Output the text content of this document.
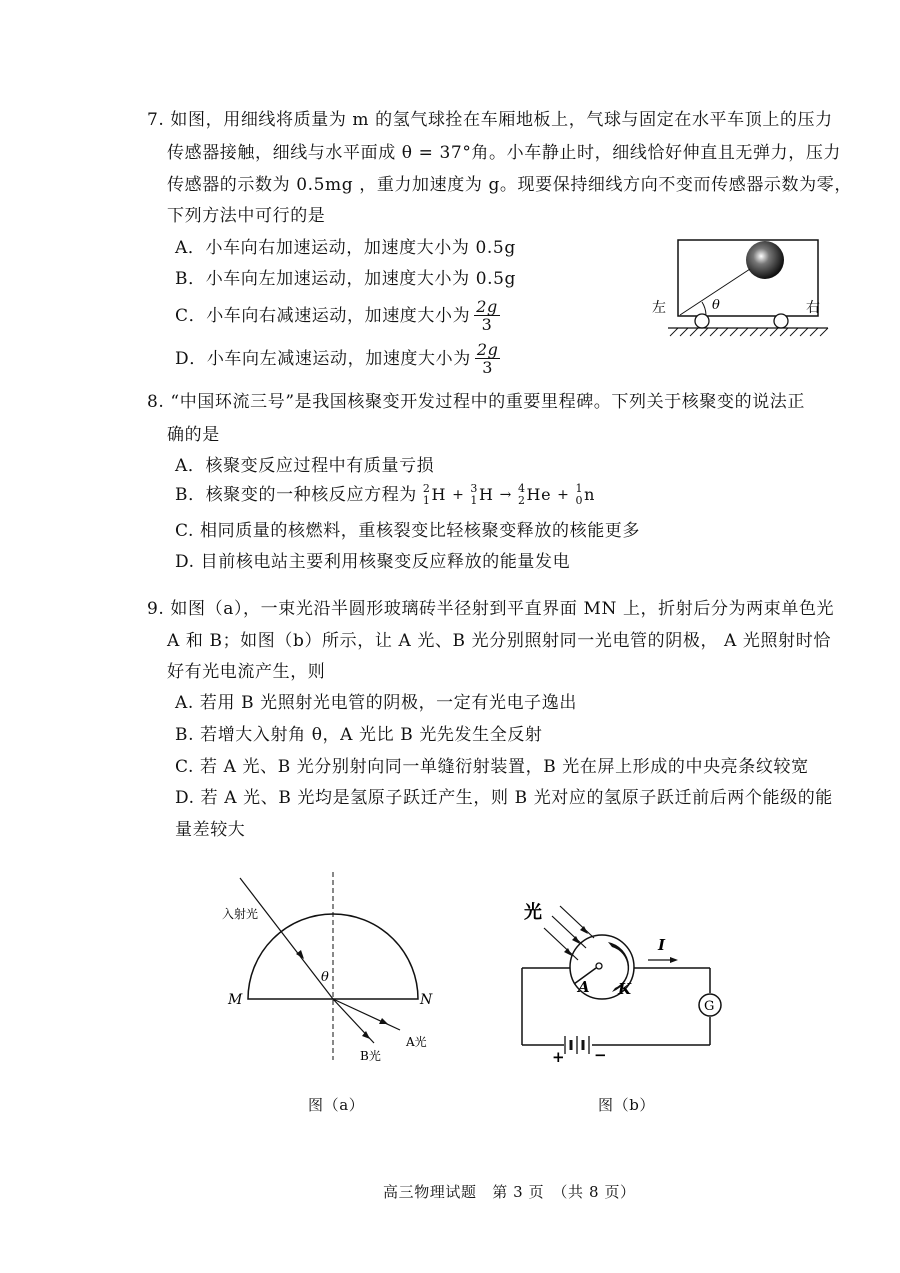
7. 如图，用细线将质量为 m 的氢气球拴在车厢地板上，气球与固定在水平车顶上的压力
传感器接触，细线与水平面成 θ = 37°角。小车静止时，细线恰好伸直且无弹力，压力
传感器的示数为 0.5mg ，重力加速度为 g。现要保持细线方向不变而传感器示数为零，
下列方法中可行的是
A．小车向右加速运动，加速度大小为 0.5g
B．小车向左加速运动，加速度大小为 0.5g
C．小车向右减速运动，加速度大小为 $\frac{2g}{3}$
D．小车向左减速运动，加速度大小为 $\frac{2g}{3}$
θ
左	右
8. “中国环流三号”是我国核聚变开发过程中的重要里程碑。下列关于核聚变的说法正
确的是
A．核聚变反应过程中有质量亏损
B．核聚变的一种核反应方程为 2
1 H + 3
1 H → 4
2 He + 1
0 n
C. 相同质量的核燃料，重核裂变比轻核聚变释放的核能更多
D. 目前核电站主要利用核聚变反应释放的能量发电
9. 如图（a），一束光沿半圆形玻璃砖半径射到平直界面 MN 上，折射后分为两束单色光
A 和 B；如图（b）所示，让 A 光、B 光分别照射同一光电管的阴极， A 光照射时恰
好有光电流产生，则
A. 若用 B 光照射光电管的阴极，一定有光电子逸出
B. 若增大入射角 θ，A 光比 B 光先发生全反射
C. 若 A 光、B 光分别射向同一单缝衍射装置，B 光在屏上形成的中央亮条纹较宽
D. 若 A 光、B 光均是氢原子跃迁产生，则 B 光对应的氢原子跃迁前后两个能级的能
量差较大
入射光
θ
M	N
B光
A光
图（a）
+ −
G
光
I
A K
图（b）
高三物理试题　第 3 页　（共 8 页）
